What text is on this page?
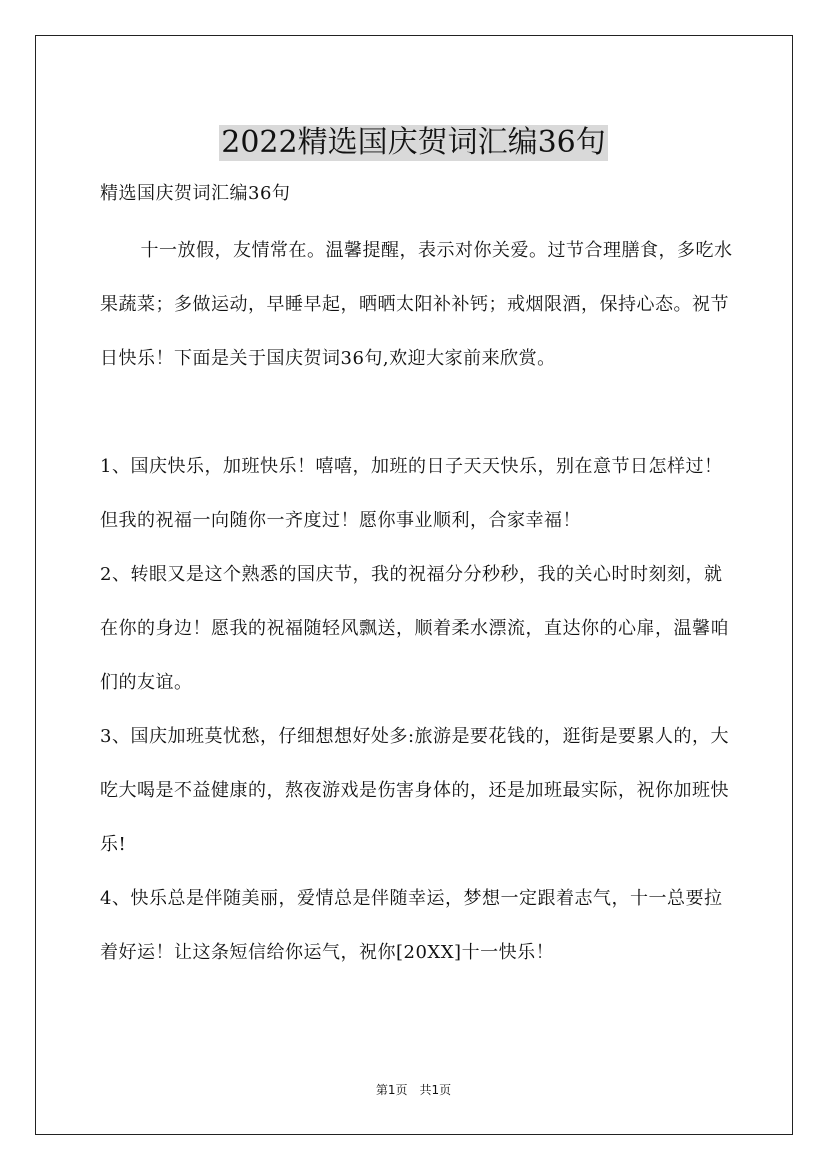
2022精选国庆贺词汇编36句

精选国庆贺词汇编36句

十一放假，友情常在。温馨提醒，表示对你关爱。过节合理膳食，多吃水果蔬菜；多做运动，早睡早起，晒晒太阳补补钙；戒烟限酒，保持心态。祝节日快乐！下面是关于国庆贺词36句,欢迎大家前来欣赏。

1、国庆快乐，加班快乐！嘻嘻，加班的日子天天快乐，别在意节日怎样过！但我的祝福一向随你一齐度过！愿你事业顺利，合家幸福！

2、转眼又是这个熟悉的国庆节，我的祝福分分秒秒，我的关心时时刻刻，就在你的身边！愿我的祝福随轻风飘送，顺着柔水漂流，直达你的心扉，温馨咱们的友谊。

3、国庆加班莫忧愁，仔细想想好处多:旅游是要花钱的，逛街是要累人的，大吃大喝是不益健康的，熬夜游戏是伤害身体的，还是加班最实际，祝你加班快乐!

4、快乐总是伴随美丽，爱情总是伴随幸运，梦想一定跟着志气，十一总要拉着好运！让这条短信给你运气，祝你[20XX]十一快乐！

第1页 共1页
